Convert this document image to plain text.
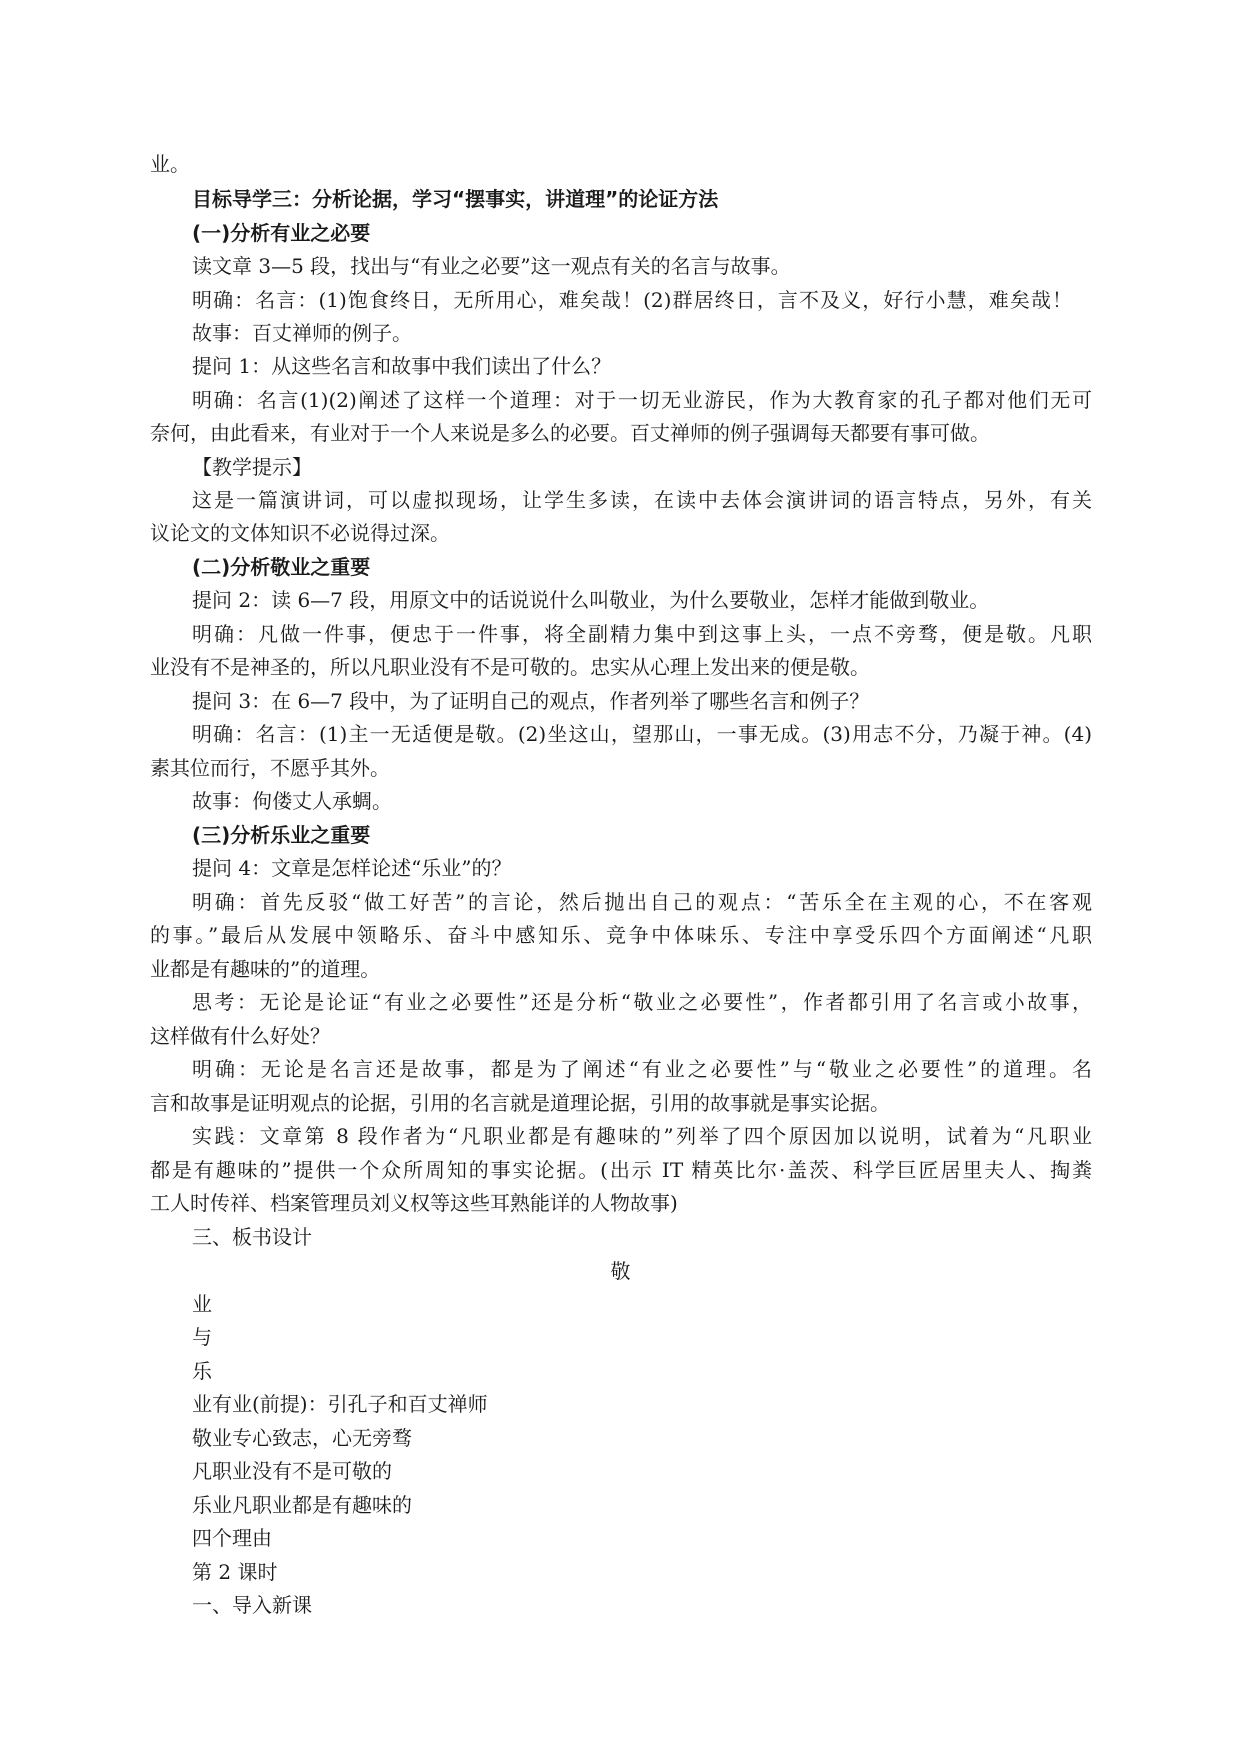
业。
目标导学三：分析论据，学习“摆事实，讲道理”的论证方法
(一)分析有业之必要
读文章 3—5 段，找出与“有业之必要”这一观点有关的名言与故事。
明确：名言：(1)饱食终日，无所用心，难矣哉！(2)群居终日，言不及义，好行小慧，难矣哉！
故事：百丈禅师的例子。
提问 1：从这些名言和故事中我们读出了什么？
明确：名言(1)(2)阐述了这样一个道理：对于一切无业游民，作为大教育家的孔子都对他们无可
奈何，由此看来，有业对于一个人来说是多么的必要。百丈禅师的例子强调每天都要有事可做。
【教学提示】
这是一篇演讲词，可以虚拟现场，让学生多读，在读中去体会演讲词的语言特点，另外，有关
议论文的文体知识不必说得过深。
(二)分析敬业之重要
提问 2：读 6—7 段，用原文中的话说说什么叫敬业，为什么要敬业，怎样才能做到敬业。
明确：凡做一件事，便忠于一件事，将全副精力集中到这事上头，一点不旁骛，便是敬。凡职
业没有不是神圣的，所以凡职业没有不是可敬的。忠实从心理上发出来的便是敬。
提问 3：在 6—7 段中，为了证明自己的观点，作者列举了哪些名言和例子？
明确：名言：(1)主一无适便是敬。(2)坐这山，望那山，一事无成。(3)用志不分，乃凝于神。(4)
素其位而行，不愿乎其外。
故事：佝偻丈人承蜩。
(三)分析乐业之重要
提问 4：文章是怎样论述“乐业”的？
明确：首先反驳“做工好苦”的言论，然后抛出自己的观点：“苦乐全在主观的心，不在客观
的事。”最后从发展中领略乐、奋斗中感知乐、竞争中体味乐、专注中享受乐四个方面阐述“凡职
业都是有趣味的”的道理。
思考：无论是论证“有业之必要性”还是分析“敬业之必要性”，作者都引用了名言或小故事，
这样做有什么好处？
明确：无论是名言还是故事，都是为了阐述“有业之必要性”与“敬业之必要性”的道理。名
言和故事是证明观点的论据，引用的名言就是道理论据，引用的故事就是事实论据。
实践：文章第 8 段作者为“凡职业都是有趣味的”列举了四个原因加以说明，试着为“凡职业
都是有趣味的”提供一个众所周知的事实论据。(出示 IT 精英比尔·盖茨、科学巨匠居里夫人、掏粪
工人时传祥、档案管理员刘义权等这些耳熟能详的人物故事)
三、板书设计
敬
业
与
乐
业有业(前提)：引孔子和百丈禅师
敬业专心致志，心无旁骛
凡职业没有不是可敬的
乐业凡职业都是有趣味的
四个理由
第 2 课时
一、导入新课
